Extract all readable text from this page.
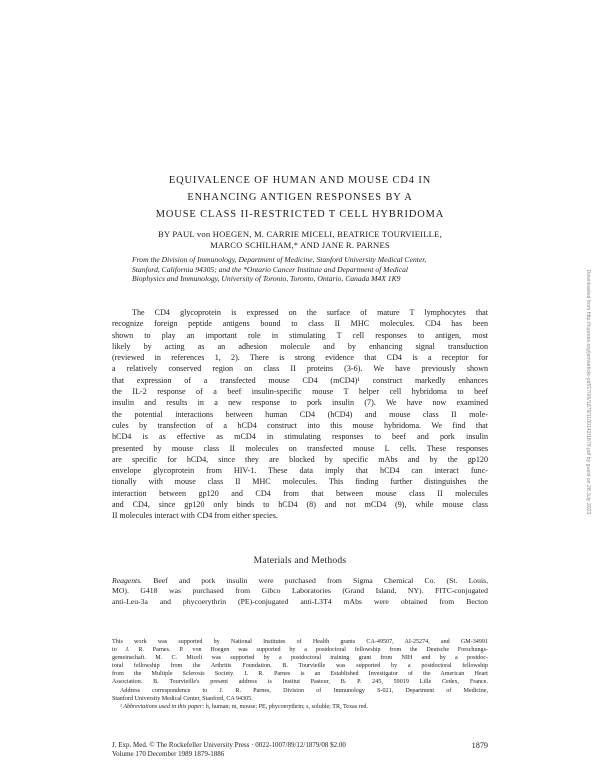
EQUIVALENCE OF HUMAN AND MOUSE CD4 IN
ENHANCING ANTIGEN RESPONSES BY A
MOUSE CLASS II-RESTRICTED T CELL HYBRIDOMA
BY PAUL von HOEGEN, M. CARRIE MICELI, BEATRICE TOURVIEILLE,
MARCO SCHILHAM,* AND JANE R. PARNES
From the Division of Immunology, Department of Medicine, Stanford University Medical Center,
Stanford, California 94305; and the *Ontario Cancer Institute and Department of Medical
Biophysics and Immunology, University of Toronto, Toronto, Ontario, Canada M4X 1K9
The CD4 glycoprotein is expressed on the surface of mature T lymphocytes that
recognize foreign peptide antigens bound to class II MHC molecules. CD4 has been
shown to play an important role in stimulating T cell responses to antigen, most
likely by acting as an adhesion molecule and by enhancing signal transduction
(reviewed in references 1, 2). There is strong evidence that CD4 is a receptor for
a relatively conserved region on class II proteins (3-6). We have previously shown
that expression of a transfected mouse CD4 (mCD4)¹ construct markedly enhances
the IL-2 response of a beef insulin-specific mouse T helper cell hybridoma to beef
insulin and results in a new response to pork insulin (7). We have now examined
the potential interactions between human CD4 (hCD4) and mouse class II mole-
cules by transfection of a hCD4 construct into this mouse hybridoma. We find that
hCD4 is as effective as mCD4 in stimulating responses to beef and pork insulin
presented by mouse class II molecules on transfected mouse L cells. These responses
are specific for hCD4, since they are blocked by specific mAbs and by the gp120
envelope glycoprotein from HIV-1. These data imply that hCD4 can interact func-
tionally with mouse class II MHC molecules. This finding further distinguishes the
interaction between gp120 and CD4 from that between mouse class II molecules
and CD4, since gp120 only binds to hCD4 (8) and not mCD4 (9), while mouse class
II molecules interact with CD4 from either species.
Materials and Methods
Reagents. Beef and pork insulin were purchased from Sigma Chemical Co. (St. Louis,
MO). G418 was purchased from Gibco Laboratories (Grand Island, NY). FITC-conjugated
anti-Leu-3a and phycoerythrin (PE)-conjugated anti-L3T4 mAbs were obtained from Becton
This work was supported by National Institutes of Health grants CA-49507, AI-25274, and GM-34991
to J. R. Parnes. P. von Hoegen was supported by a postdoctoral fellowship from the Deutsche Forschungs-
gemeinschaft. M. C. Miceli was supported by a postdoctoral training grant from NIH and by a postdoc-
toral fellowship from the Arthritis Foundation. B. Tourvieille was supported by a postdoctoral fellowship
from the Multiple Sclerosis Society. J. R. Parnes is an Established Investigator of the American Heart
Association. B. Tourvieille's present address is Institut Pasteur, B. P. 245, 59019 Lille Cedex, France.
Address correspondence to J. R. Parnes, Division of Immunology S-021, Department of Medicine,
Stanford University Medical Center, Stanford, CA 94305.
¹ Abbreviations used in this paper: h, human; m, mouse; PE, phycoerythrin; s, soluble; TR, Texas red.
J. Exp. Med. © The Rockefeller University Press · 0022-1007/89/12/1879/08 $2.00	1879
Volume 170 December 1989 1879-1886
Downloaded from http://rupress.org/jem/article-pdf/170/6/1879/1100142/1879.pdf by guest on 28 July 2023
